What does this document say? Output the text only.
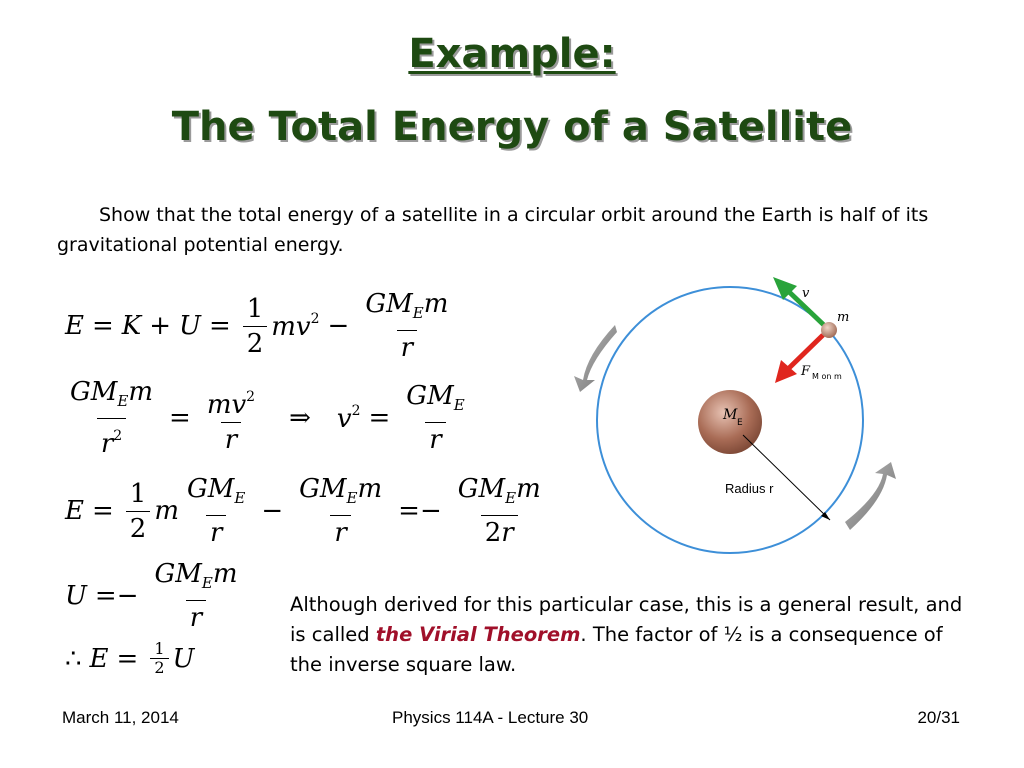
Example:
The Total Energy of a Satellite
Show that the total energy of a satellite in a circular orbit around the Earth is half of its gravitational potential energy.
$E = K + U = \frac{1}{2} mv^2 - \frac{GM_Em}{r}$
$\frac{GM_Em}{r^2} = \frac{mv^2}{r}$ ⇒ $v^2 = \frac{GM_E}{r}$
$E = \frac{1}{2}$ m $\frac{GM_E}{r} - \frac{GM_Em}{r} =- \frac{GM_Em}{2r}$
$U =- \frac{GM_Em}{r}$
∴ $E = \frac{1}{2}$ U
M E
Radius r
v
F M on m
m
Although derived for this particular case, this is a general result, and is called the Virial Theorem. The factor of ½ is a consequence of the inverse square law.
March 11, 2014	Physics 114A - Lecture 30	20/31
